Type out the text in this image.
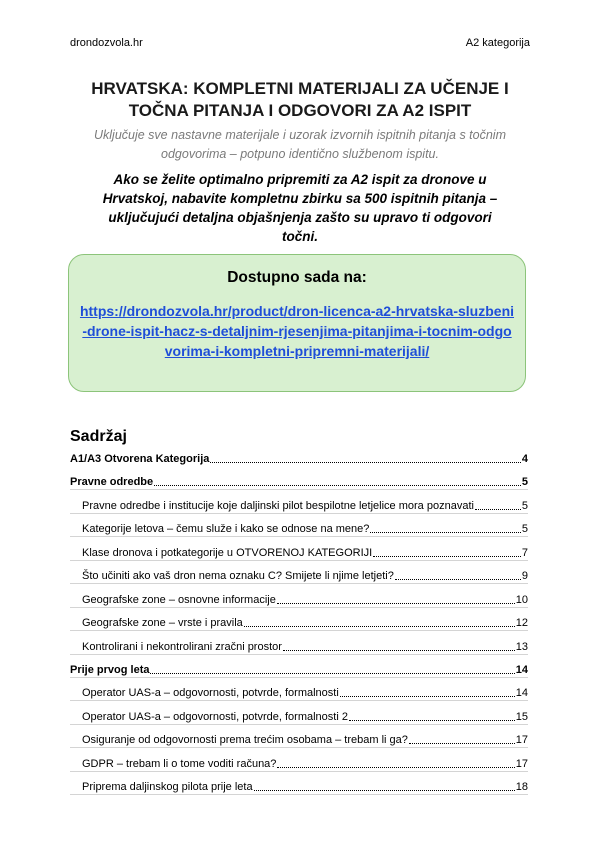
drondozvola.hr	A2 kategorija
HRVATSKA: KOMPLETNI MATERIJALI ZA UČENJE I
TOČNA PITANJA I ODGOVORI ZA A2 ISPIT
Uključuje sve nastavne materijale i uzorak izvornih ispitnih pitanja s točnim
odgovorima – potpuno identično službenom ispitu.
Ako se želite optimalno pripremiti za A2 ispit za dronove u
Hrvatskoj, nabavite kompletnu zbirku sa 500 ispitnih pitanja –
uključujući detaljna objašnjenja zašto su upravo ti odgovori
točni.
Dostupno sada na:
https://drondozvola.hr/product/dron-licenca-a2-hrvatska-sluzbeni-drone-ispit-hacz-s-detaljnim-rjesenjima-pitanjima-i-tocnim-odgovorima-i-kompletni-pripremni-materijali/
Sadržaj
A1/A3 Otvorena Kategorija	4
Pravne odredbe	5
Pravne odredbe i institucije koje daljinski pilot bespilotne letjelice mora poznavati	5
Kategorije letova – čemu služe i kako se odnose na mene?	5
Klase dronova i potkategorije u OTVORENOJ KATEGORIJI	7
Što učiniti ako vaš dron nema oznaku C? Smijete li njime letjeti?	9
Geografske zone – osnovne informacije	10
Geografske zone – vrste i pravila	12
Kontrolirani i nekontrolirani zračni prostor	13
Prije prvog leta	14
Operator UAS-a – odgovornosti, potvrde, formalnosti	14
Operator UAS-a – odgovornosti, potvrde, formalnosti 2	15
Osiguranje od odgovornosti prema trećim osobama – trebam li ga?	17
GDPR – trebam li o tome voditi računa?	17
Priprema daljinskog pilota prije leta	18
